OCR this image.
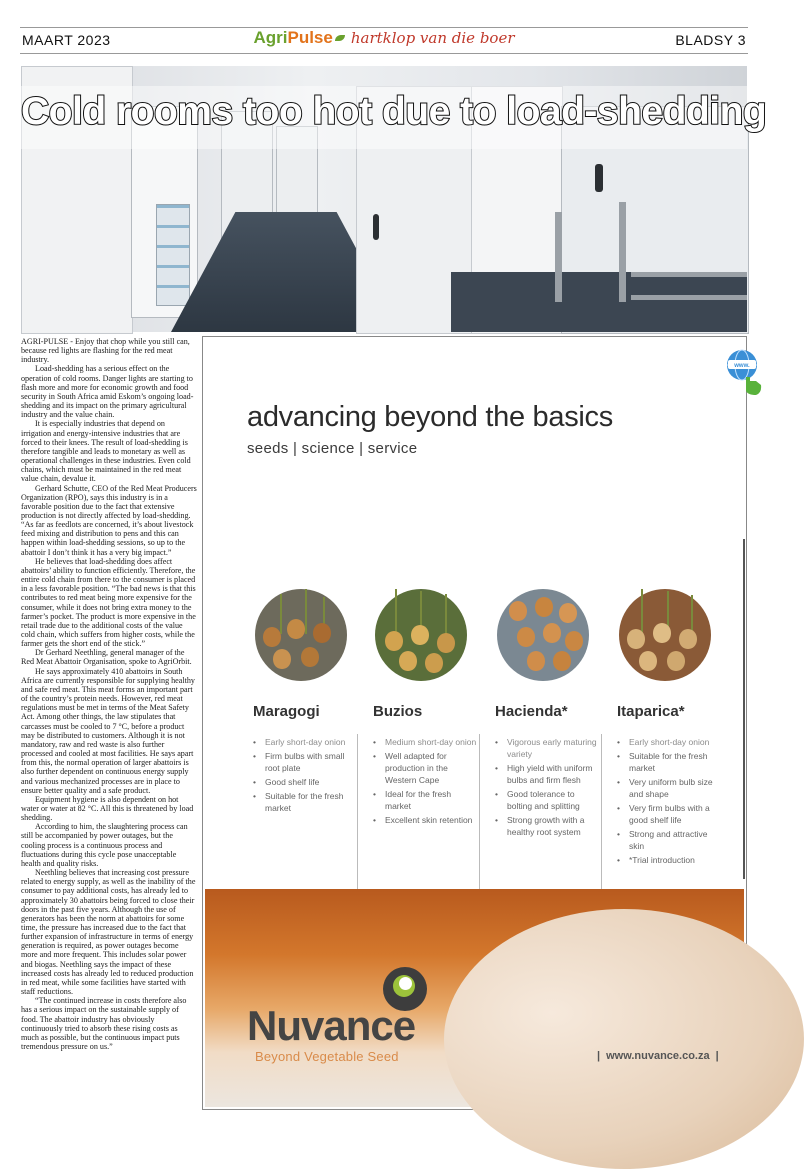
MAART 2023	BLADSY 3
AgriPulse hartklop van die boer
Cold rooms too hot due to load-shedding

AGRI-PULSE - Enjoy that chop while you still can, because red lights are flashing for the red meat industry.

Load-shedding has a serious effect on the operation of cold rooms. Danger lights are starting to flash more and more for economic growth and food security in South Africa amid Eskom’s ongoing load-shedding and its impact on the primary agricultural industry and the value chain.

It is especially industries that depend on irrigation and energy-intensive industries that are forced to their knees. The result of load-shedding is therefore tangible and leads to monetary as well as operational challenges in these industries. Even cold chains, which must be maintained in the red meat value chain, devalue it.

Gerhard Schutte, CEO of the Red Meat Producers Organization (RPO), says this industry is in a favorable position due to the fact that extensive production is not directly affected by load-shedding. “As far as feedlots are concerned, it’s about livestock feed mixing and distribution to pens and this can happen within load-shedding sessions, so up to the abattoir I don’t think it has a very big impact.”

He believes that load-shedding does affect abattoirs’ ability to function efficiently. Therefore, the entire cold chain from there to the consumer is placed in a less favorable position. “The bad news is that this contributes to red meat being more expensive for the consumer, while it does not bring extra money to the farmer’s pocket. The product is more expensive in the retail trade due to the additional costs of the value cold chain, which suffers from higher costs, while the farmer gets the short end of the stick.”

Dr Gerhard Neethling, general manager of the Red Meat Abattoir Organisation, spoke to AgriOrbit.

He says approximately 410 abattoirs in South Africa are currently responsible for supplying healthy and safe red meat. This meat forms an important part of the country’s protein needs. However, red meat regulations must be met in terms of the Meat Safety Act. Among other things, the law stipulates that carcasses must be cooled to 7 °C, before a product may be distributed to customers. Although it is not mandatory, raw and red waste is also further processed and cooled at most facilities. He says apart from this, the normal operation of larger abattoirs is also further dependent on continuous energy supply and various mechanized processes are in place to ensure better quality and a safe product.

Equipment hygiene is also dependent on hot water or water at 82 °C. All this is threatened by load shedding.

According to him, the slaughtering process can still be accompanied by power outages, but the cooling process is a continuous process and fluctuations during this cycle pose unacceptable health and quality risks.

Neethling believes that increasing cost pressure related to energy supply, as well as the inability of the consumer to pay additional costs, has already led to approximately 30 abattoirs being forced to close their doors in the past five years. Although the use of generators has been the norm at abattoirs for some time, the pressure has increased due to the fact that further expansion of infrastructure in terms of energy generation is required, as power outages become more and more frequent. This includes solar power and biogas. Neethling says the impact of these increased costs has already led to reduced production in red meat, while some facilities have started with staff reductions.

“The continued increase in costs therefore also has a serious impact on the sustainable supply of food. The abattoir industry has obviously continuously tried to absorb these rising costs as much as possible, but the continuous impact puts tremendous pressure on us.”

www.
advancing beyond the basics
seeds | science | service
Maragogi
• Early short-day onion
• Firm bulbs with small root plate
• Good shelf life
• Suitable for the fresh market
Buzios
• Medium short-day onion
• Well adapted for production in the Western Cape
• Ideal for the fresh market
• Excellent skin retention
Hacienda*
• Vigorous early maturing variety
• High yield with uniform bulbs and firm flesh
• Good tolerance to bolting and splitting
• Strong growth with a healthy root system
Itaparica*
• Early short-day onion
• Suitable for the fresh market
• Very uniform bulb size and shape
• Very firm bulbs with a good shelf life
• Strong and attractive skin
• *Trial introduction
Nuvance
Beyond Vegetable Seed
|	www.nuvance.co.za |
